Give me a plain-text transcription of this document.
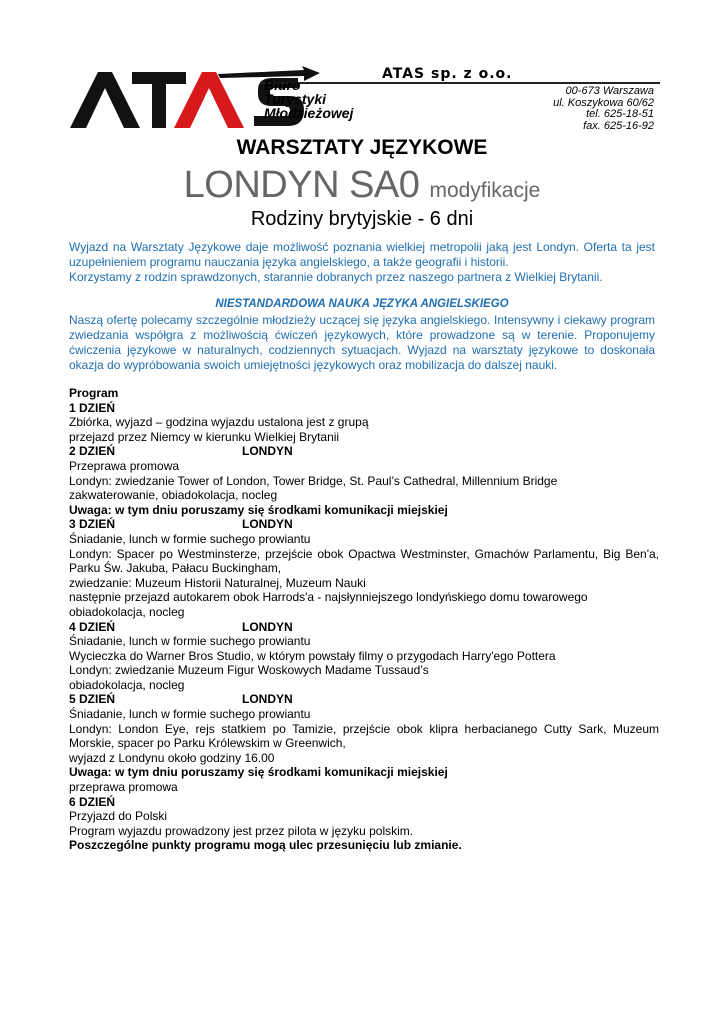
ATAS sp. z o.o.
Biuro
Turystyki
Młodzieżowej
00-673 Warszawa
ul. Koszykowa 60/62
tel. 625-18-51
fax. 625-16-92
WARSZTATY JĘZYKOWE
LONDYN SA0 modyfikacje
Rodziny brytyjskie - 6 dni
Wyjazd na Warsztaty Językowe daje możliwość poznania wielkiej metropolii jaką jest Londyn. Oferta ta jest uzupełnieniem programu nauczania języka angielskiego, a także geografii i historii.
Korzystamy z rodzin sprawdzonych, starannie dobranych przez naszego partnera z Wielkiej Brytanii.
NIESTANDARDOWA NAUKA JĘZYKA ANGIELSKIEGO
Naszą ofertę polecamy szczególnie młodzieży uczącej się języka angielskiego. Intensywny i ciekawy program zwiedzania współgra z możliwością ćwiczeń językowych, które prowadzone są w terenie. Proponujemy ćwiczenia językowe w naturalnych, codziennych sytuacjach. Wyjazd na warsztaty językowe to doskonała okazja do wypróbowania swoich umiejętności językowych oraz mobilizacja do dalszej nauki.
Program
1 DZIEŃ
Zbiórka, wyjazd – godzina wyjazdu ustalona jest z grupą
przejazd przez Niemcy w kierunku Wielkiej Brytanii
2 DZIEŃ	LONDYN
Przeprawa promowa
Londyn: zwiedzanie Tower of London, Tower Bridge, St. Paul’s Cathedral, Millennium Bridge
zakwaterowanie, obiadokolacja, nocleg
Uwaga: w tym dniu poruszamy się środkami komunikacji miejskiej
3 DZIEŃ	LONDYN
Śniadanie, lunch w formie suchego prowiantu
Londyn: Spacer po Westminsterze, przejście obok Opactwa Westminster, Gmachów Parlamentu, Big Ben'a, Parku Św. Jakuba, Pałacu Buckingham,
zwiedzanie: Muzeum Historii Naturalnej, Muzeum Nauki
następnie przejazd autokarem obok Harrods'a - najsłynniejszego londyńskiego domu towarowego
obiadokolacja, nocleg
4 DZIEŃ	LONDYN
Śniadanie, lunch w formie suchego prowiantu
Wycieczka do Warner Bros Studio, w którym powstały filmy o przygodach Harry'ego Pottera
Londyn: zwiedzanie Muzeum Figur Woskowych Madame Tussaud’s
obiadokolacja, nocleg
5 DZIEŃ	LONDYN
Śniadanie, lunch w formie suchego prowiantu
Londyn: London Eye, rejs statkiem po Tamizie, przejście obok klipra herbacianego Cutty Sark, Muzeum Morskie, spacer po Parku Królewskim w Greenwich,
wyjazd z Londynu około godziny 16.00
Uwaga: w tym dniu poruszamy się środkami komunikacji miejskiej
przeprawa promowa
6 DZIEŃ
Przyjazd do Polski
Program wyjazdu prowadzony jest przez pilota w języku polskim.
Poszczególne punkty programu mogą ulec przesunięciu lub zmianie.
